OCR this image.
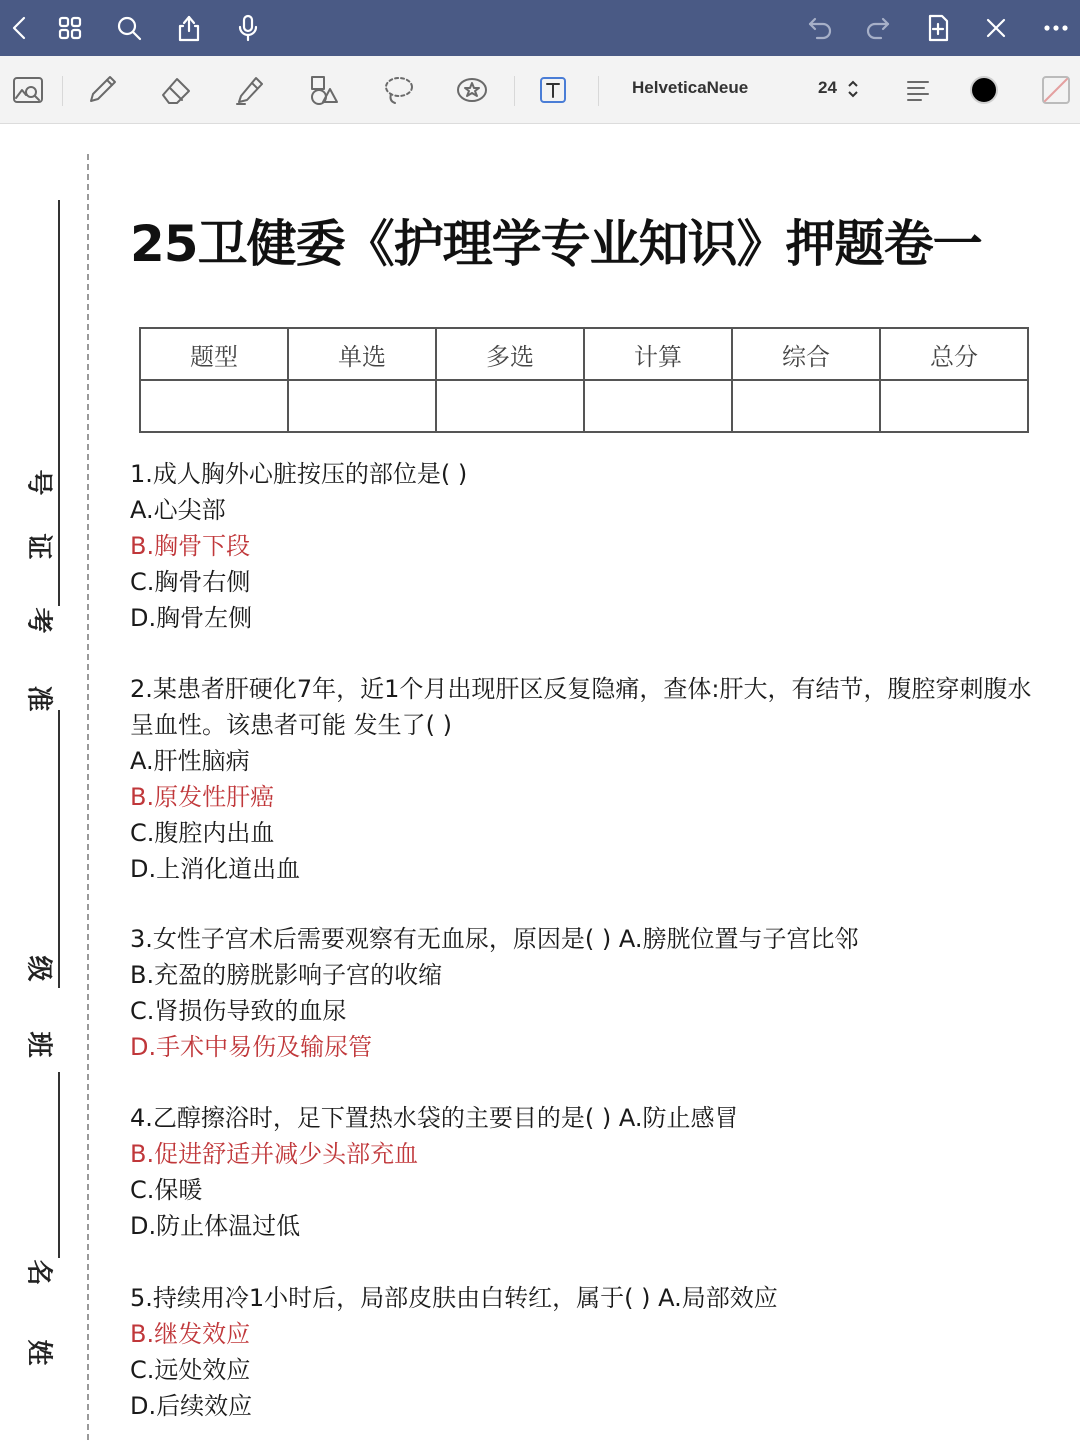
HelveticaNeue	24
号
证
考
准
级
班
名
姓
25卫健委《护理学专业知识》押题卷一
题型	单选	多选	计算	综合	总分

1.成人胸外心脏按压的部位是( )
A.心尖部
B.胸骨下段
C.胸骨右侧
D.胸骨左侧
2.某患者肝硬化7年，近1个月出现肝区反复隐痛，查体:肝大，有结节，腹腔穿刺腹水
呈血性。该患者可能 发生了( )
A.肝性脑病
B.原发性肝癌
C.腹腔内出血
D.上消化道出血
3.女性子宫术后需要观察有无血尿，原因是( ) A.膀胱位置与子宫比邻
B.充盈的膀胱影响子宫的收缩
C.肾损伤导致的血尿
D.手术中易伤及输尿管
4.乙醇擦浴时，足下置热水袋的主要目的是( ) A.防止感冒
B.促进舒适并减少头部充血
C.保暖
D.防止体温过低
5.持续用冷1小时后，局部皮肤由白转红，属于( ) A.局部效应
B.继发效应
C.远处效应
D.后续效应
